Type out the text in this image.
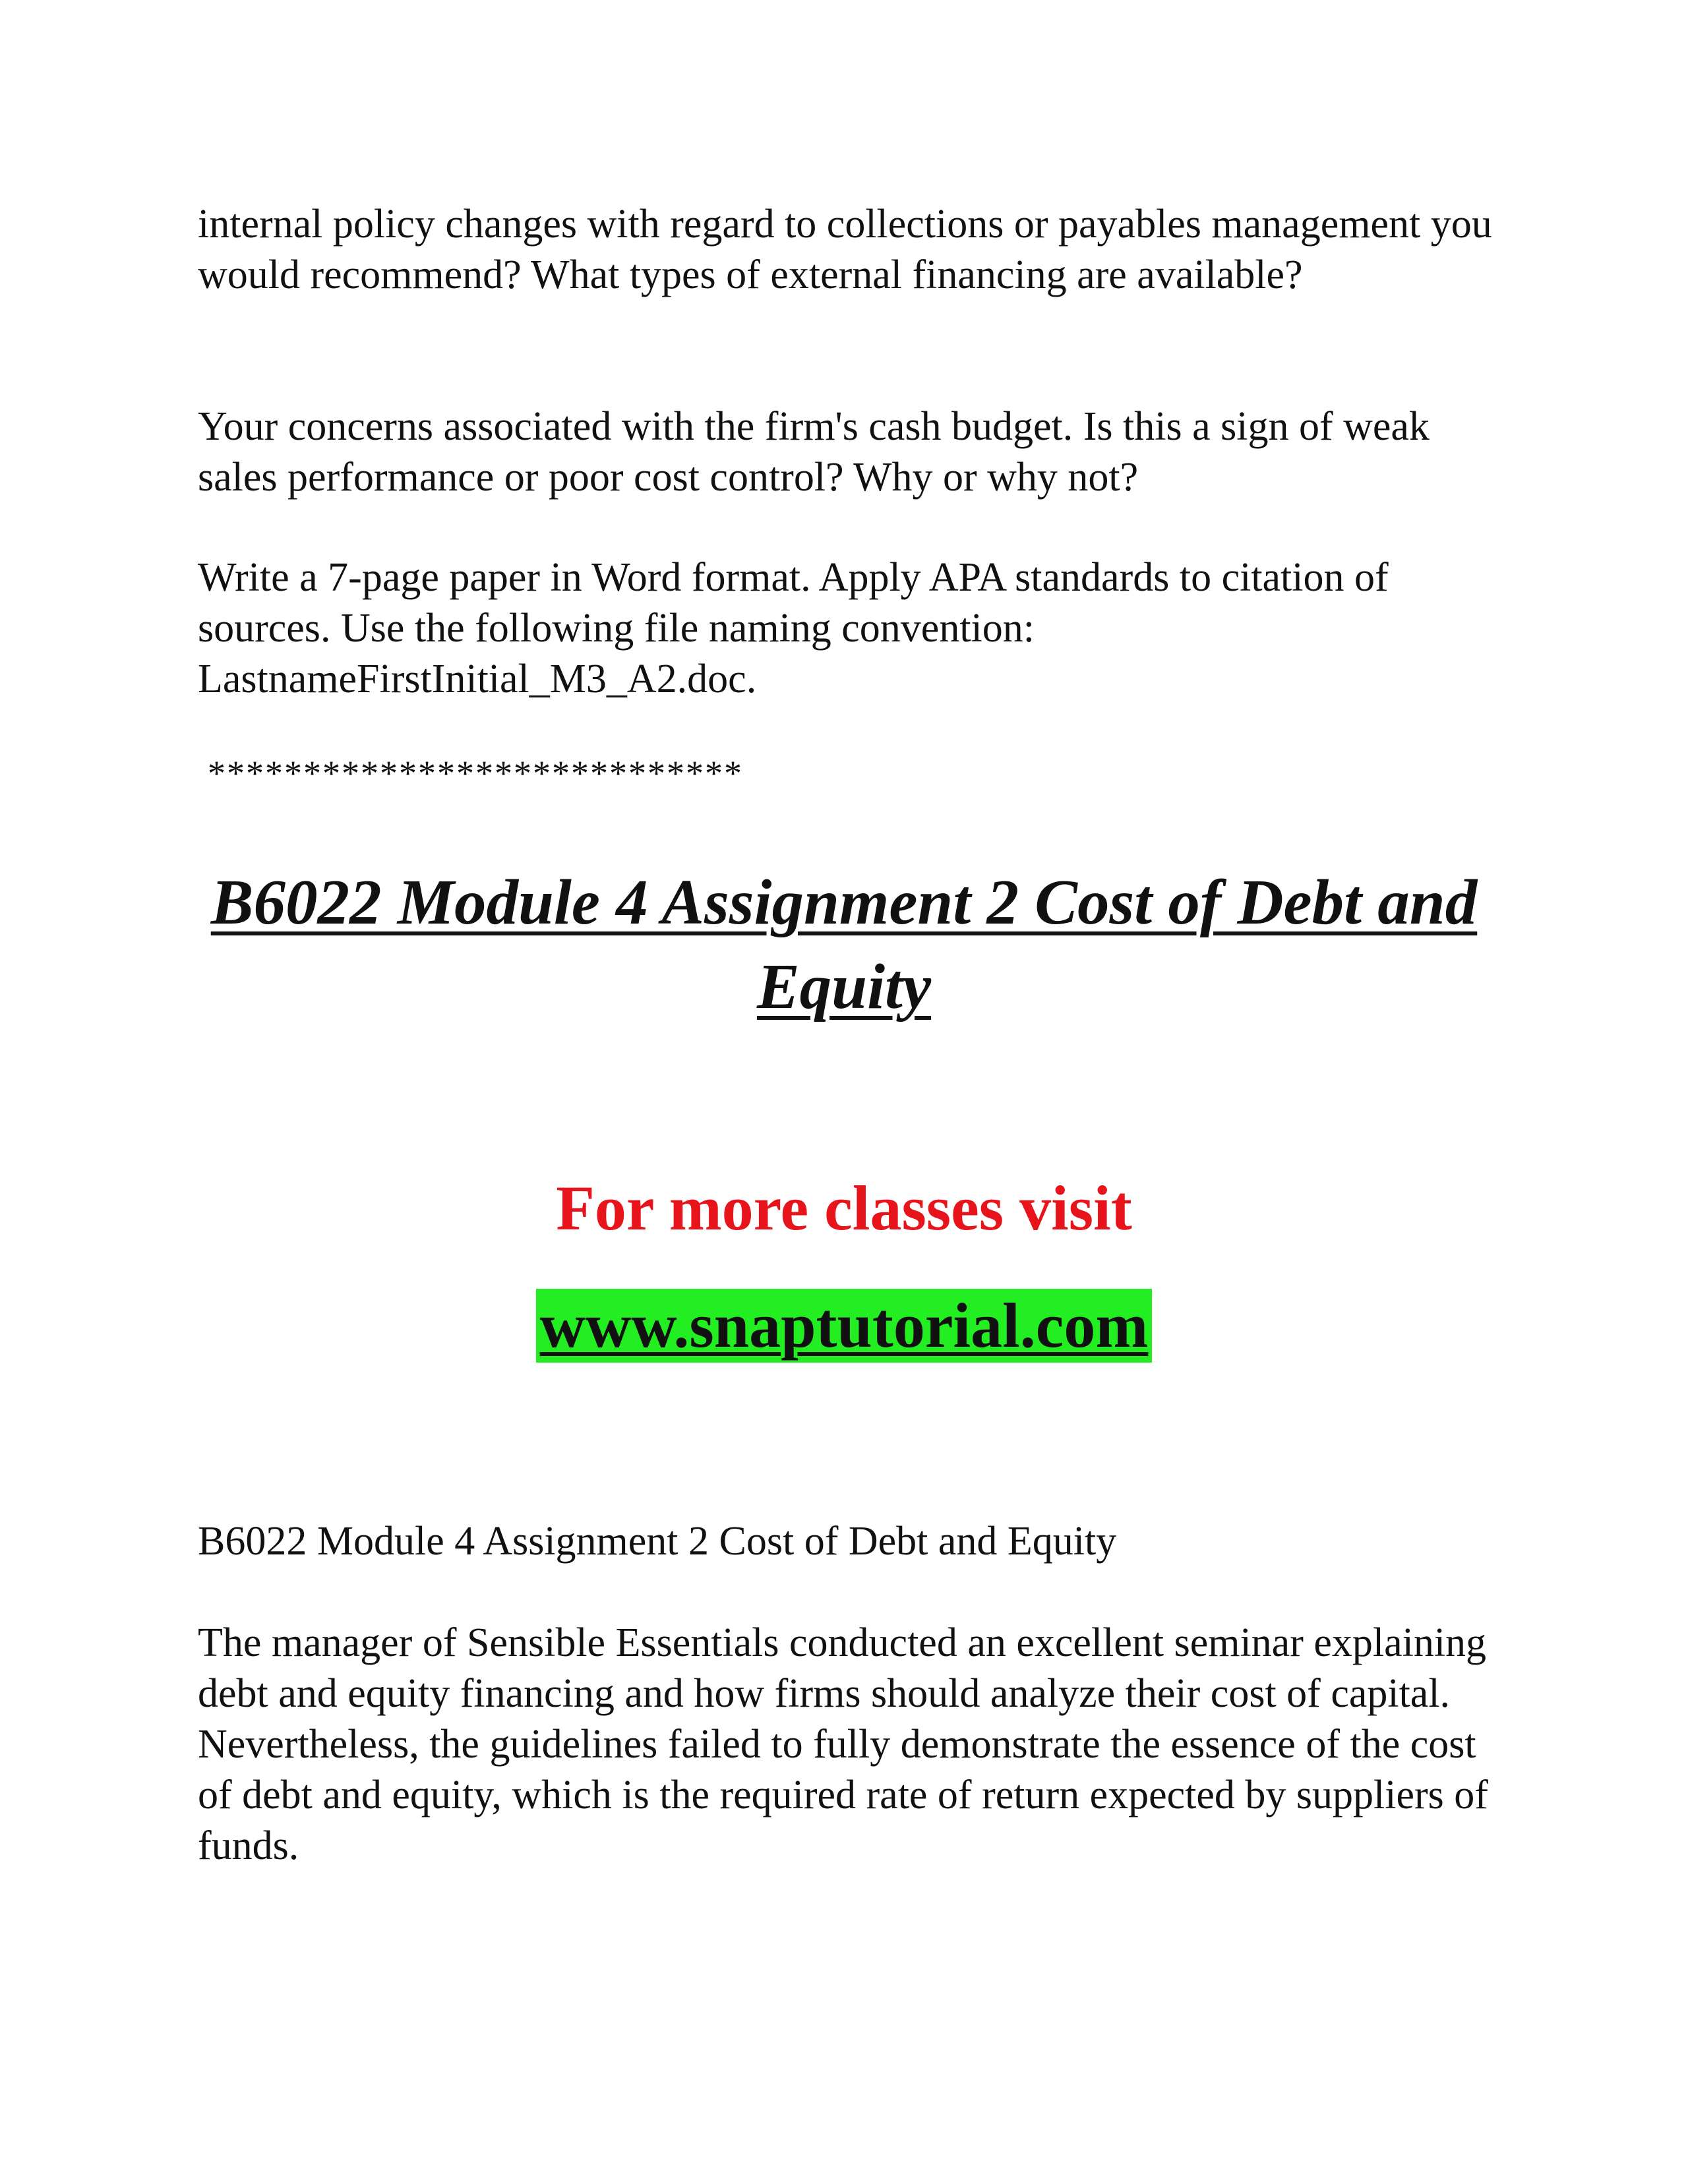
internal policy changes with regard to collections or payables management you would recommend? What types of external financing are available?

Your concerns associated with the firm's cash budget. Is this a sign of weak sales performance or poor cost control? Why or why not?

Write a 7-page paper in Word format. Apply APA standards to citation of sources. Use the following file naming convention: LastnameFirstInitial_M3_A2.doc.

****************************

B6022 Module 4 Assignment 2 Cost of Debt and Equity

For more classes visit

www.snaptutorial.com

B6022 Module 4 Assignment 2 Cost of Debt and Equity

The manager of Sensible Essentials conducted an excellent seminar explaining debt and equity financing and how firms should analyze their cost of capital. Nevertheless, the guidelines failed to fully demonstrate the essence of the cost of debt and equity, which is the required rate of return expected by suppliers of funds.
